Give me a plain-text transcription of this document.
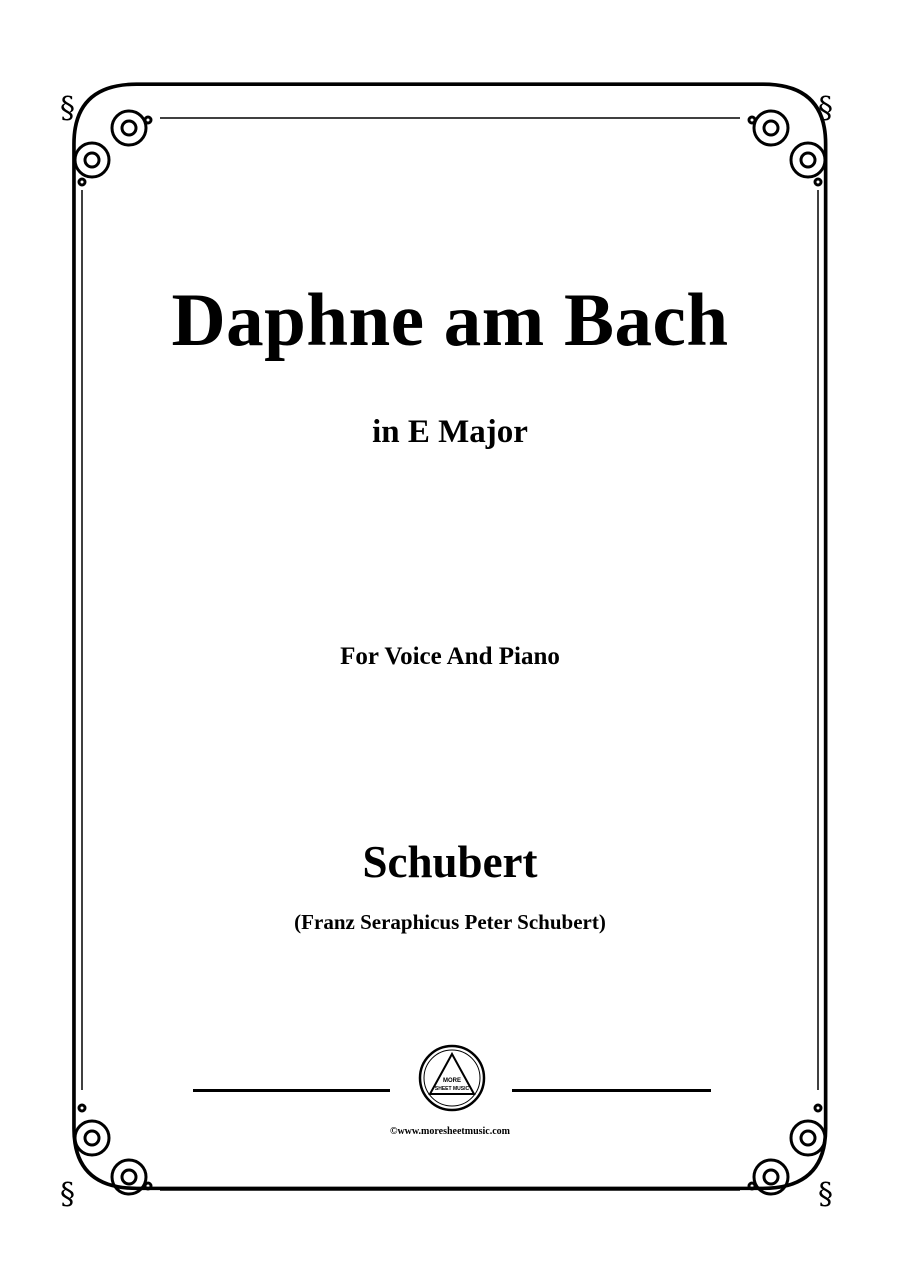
§	§
§	§
Daphne am Bach
in E Major
For Voice And Piano
Schubert
(Franz Seraphicus Peter Schubert)
MORE
SHEET MUSIC
©www.moresheetmusic.com
